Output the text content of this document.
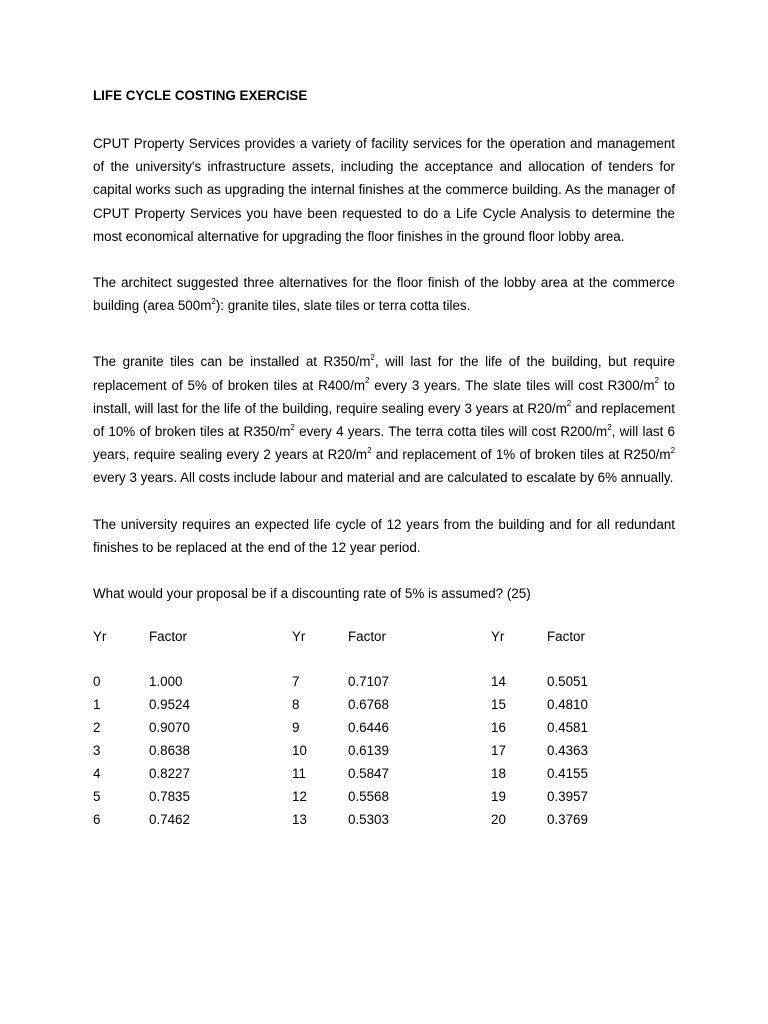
LIFE CYCLE COSTING EXERCISE

CPUT Property Services provides a variety of facility services for the operation and management of the university's infrastructure assets, including the acceptance and allocation of tenders for capital works such as upgrading the internal finishes at the commerce building. As the manager of CPUT Property Services you have been requested to do a Life Cycle Analysis to determine the most economical alternative for upgrading the floor finishes in the ground floor lobby area.

The architect suggested three alternatives for the floor finish of the lobby area at the commerce building (area $500m^2$): granite tiles, slate tiles or terra cotta tiles.

The granite tiles can be installed at $R350/m^2$, will last for the life of the building, but require replacement of 5% of broken tiles at $R400/m^2$ every 3 years. The slate tiles will cost $R300/m^2$ to install, will last for the life of the building, require sealing every 3 years at $R20/m^2$ and replacement of 10% of broken tiles at $R350/m^2$ every 4 years. The terra cotta tiles will cost $R200/m^2$, will last 6 years, require sealing every 2 years at $R20/m^2$ and replacement of 1% of broken tiles at $R250/m^2$ every 3 years. All costs include labour and material and are calculated to escalate by 6% annually.

The university requires an expected life cycle of 12 years from the building and for all redundant finishes to be replaced at the end of the 12 year period.

What would your proposal be if a discounting rate of 5% is assumed? (25)

Yr	Factor	Yr	Factor	Yr	Factor

0	1.000	7	0.7107	14	0.5051
1	0.9524	8	0.6768	15	0.4810
2	0.9070	9	0.6446	16	0.4581
3	0.8638	10	0.6139	17	0.4363
4	0.8227	11	0.5847	18	0.4155
5	0.7835	12	0.5568	19	0.3957
6	0.7462	13	0.5303	20	0.3769
